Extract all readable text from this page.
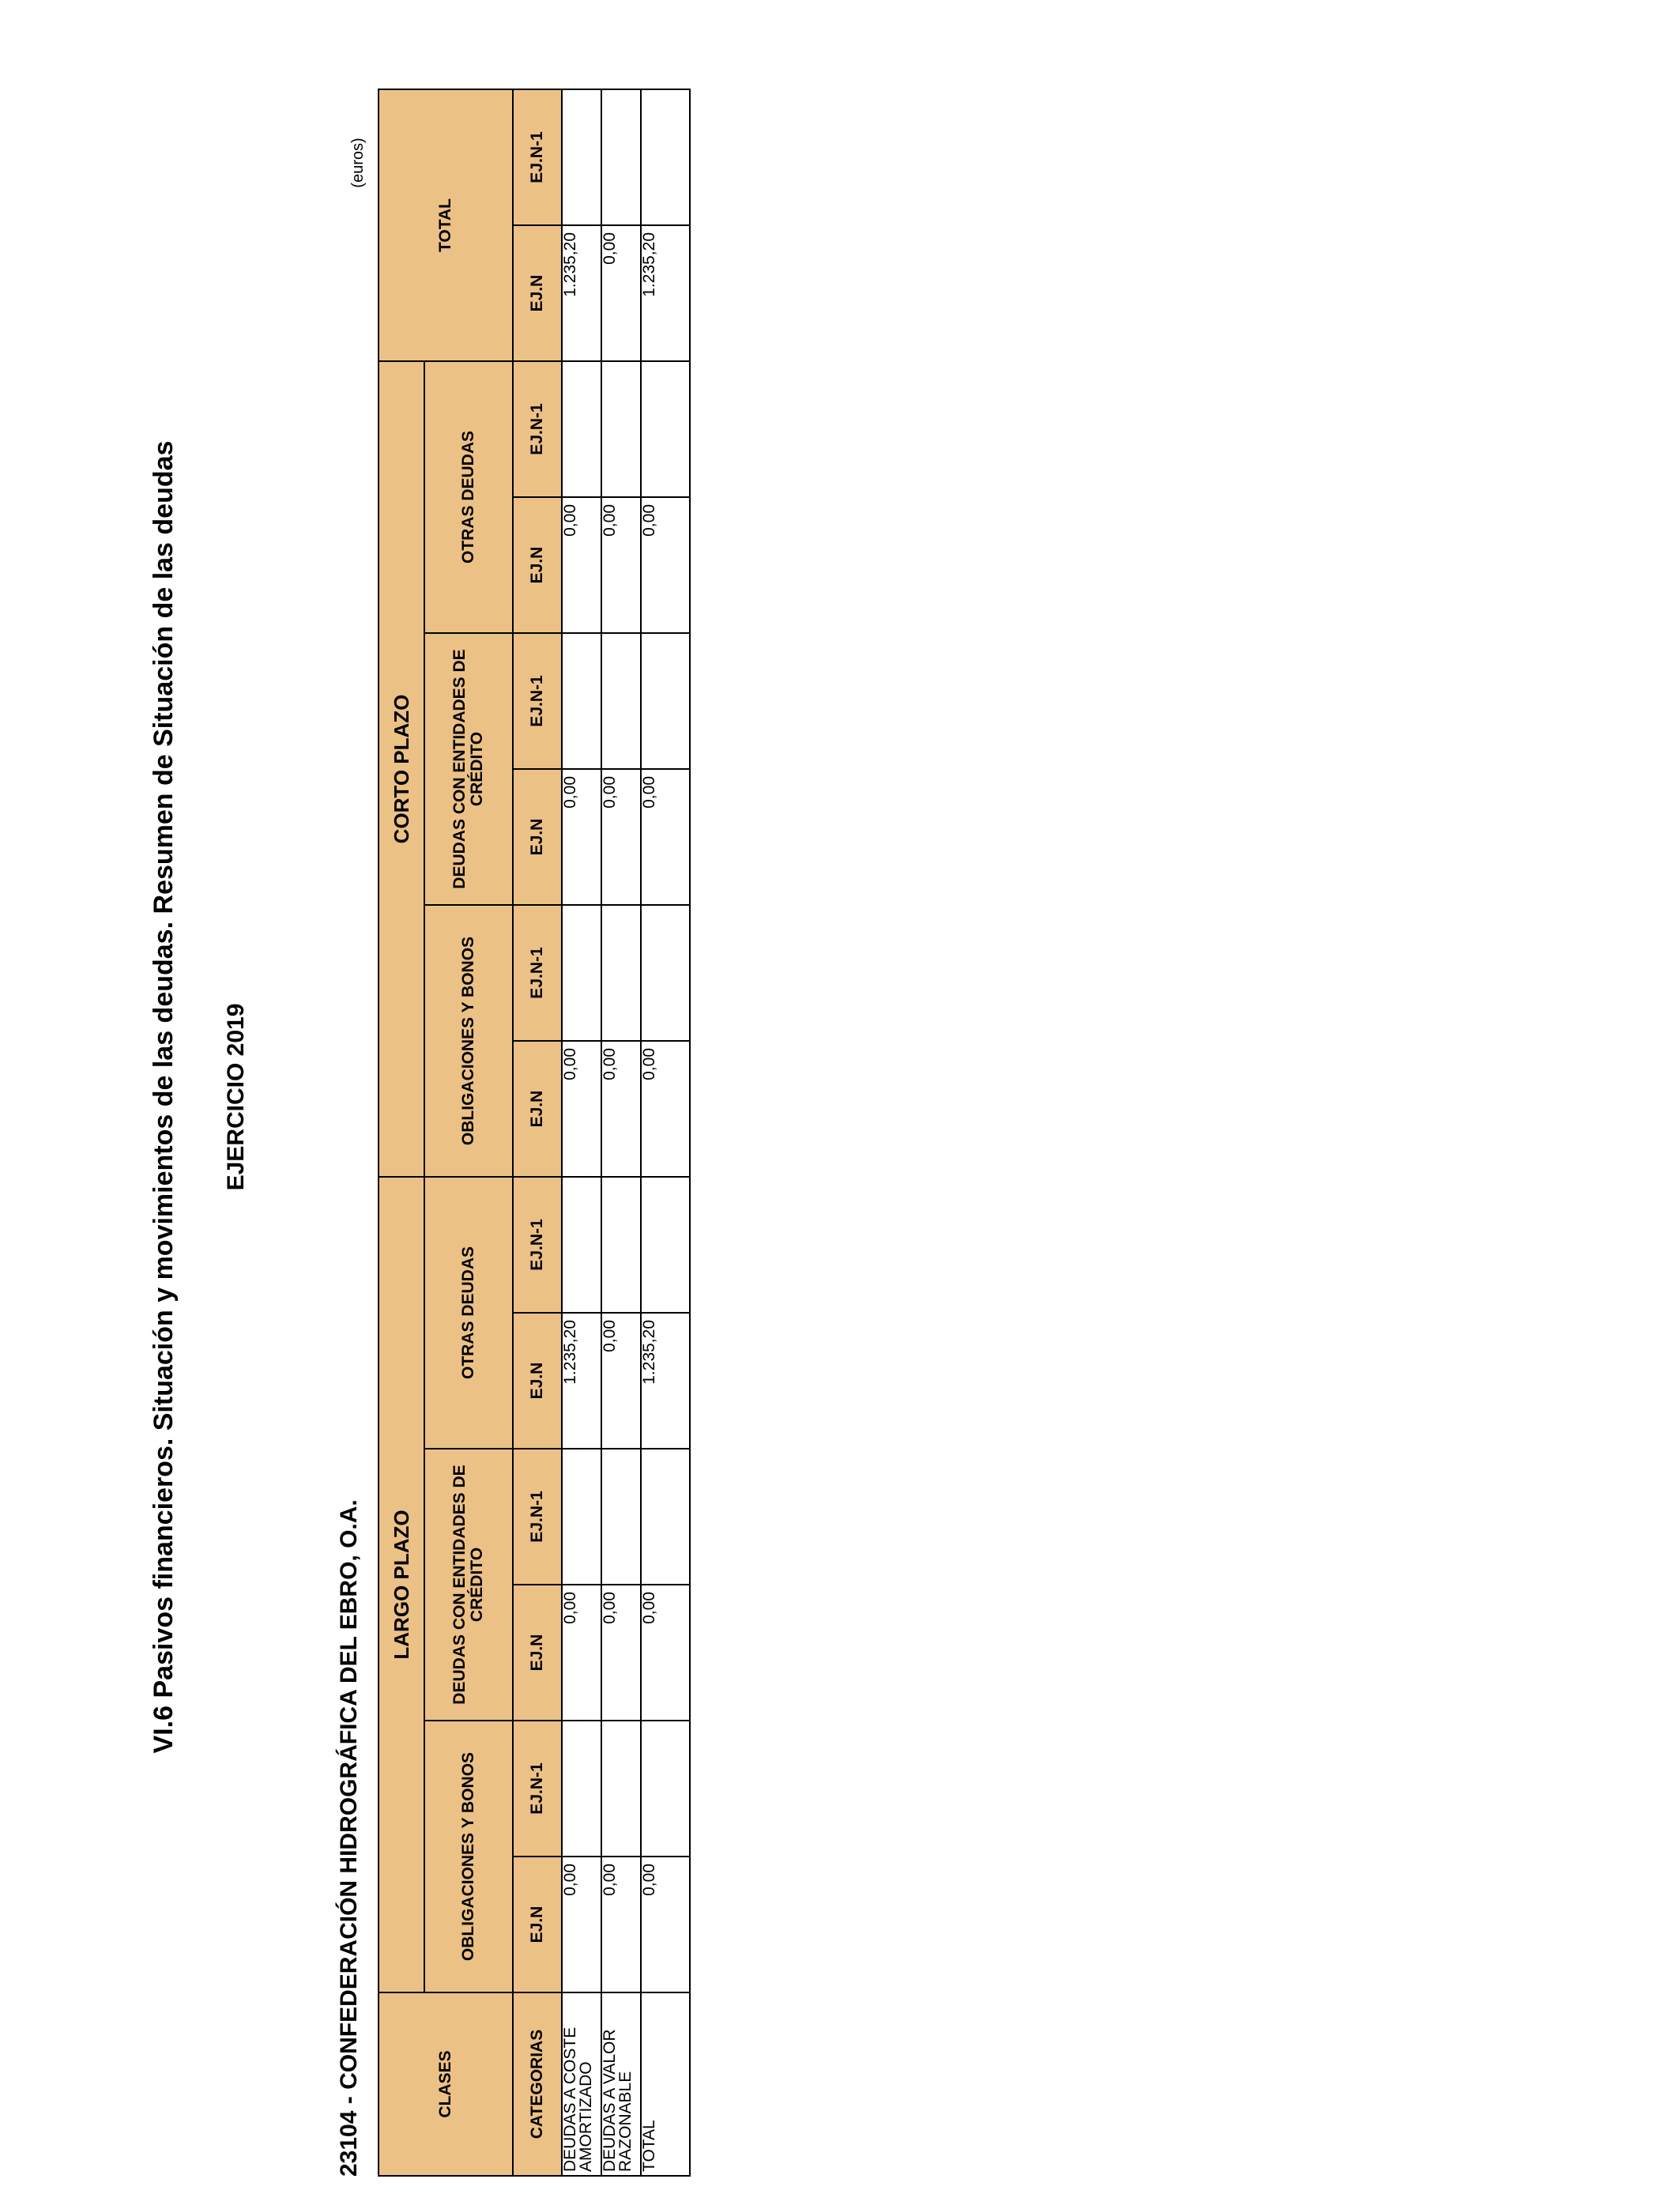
VI.6 Pasivos financieros. Situación y movimientos de las deudas. Resumen de Situación de las deudas EJERCICIO 2019
23104 - CONFEDERACIÓN HIDROGRÁFICA DEL EBRO, O.A.
(euros)
CLASES	LARGO PLAZO						CORTO PLAZO						TOTAL	
	OBLIGACIONES Y BONOS		DEUDAS CON ENTIDADES DE CRÉDITO		OTRAS DEUDAS		OBLIGACIONES Y BONOS		DEUDAS CON ENTIDADES DE CRÉDITO		OTRAS DEUDAS			
CATEGORIAS	EJ.N	EJ.N-1	EJ.N	EJ.N-1	EJ.N	EJ.N-1	EJ.N	EJ.N-1	EJ.N	EJ.N-1	EJ.N	EJ.N-1	EJ.N	EJ.N-1
DEUDAS A COSTE AMORTIZADO	0,00		0,00		1.235,20		0,00		0,00		0,00		1.235,20	
DEUDAS A VALOR RAZONABLE	0,00		0,00		0,00		0,00		0,00		0,00		0,00	
TOTAL	0,00		0,00		1.235,20		0,00		0,00		0,00		1.235,20	
